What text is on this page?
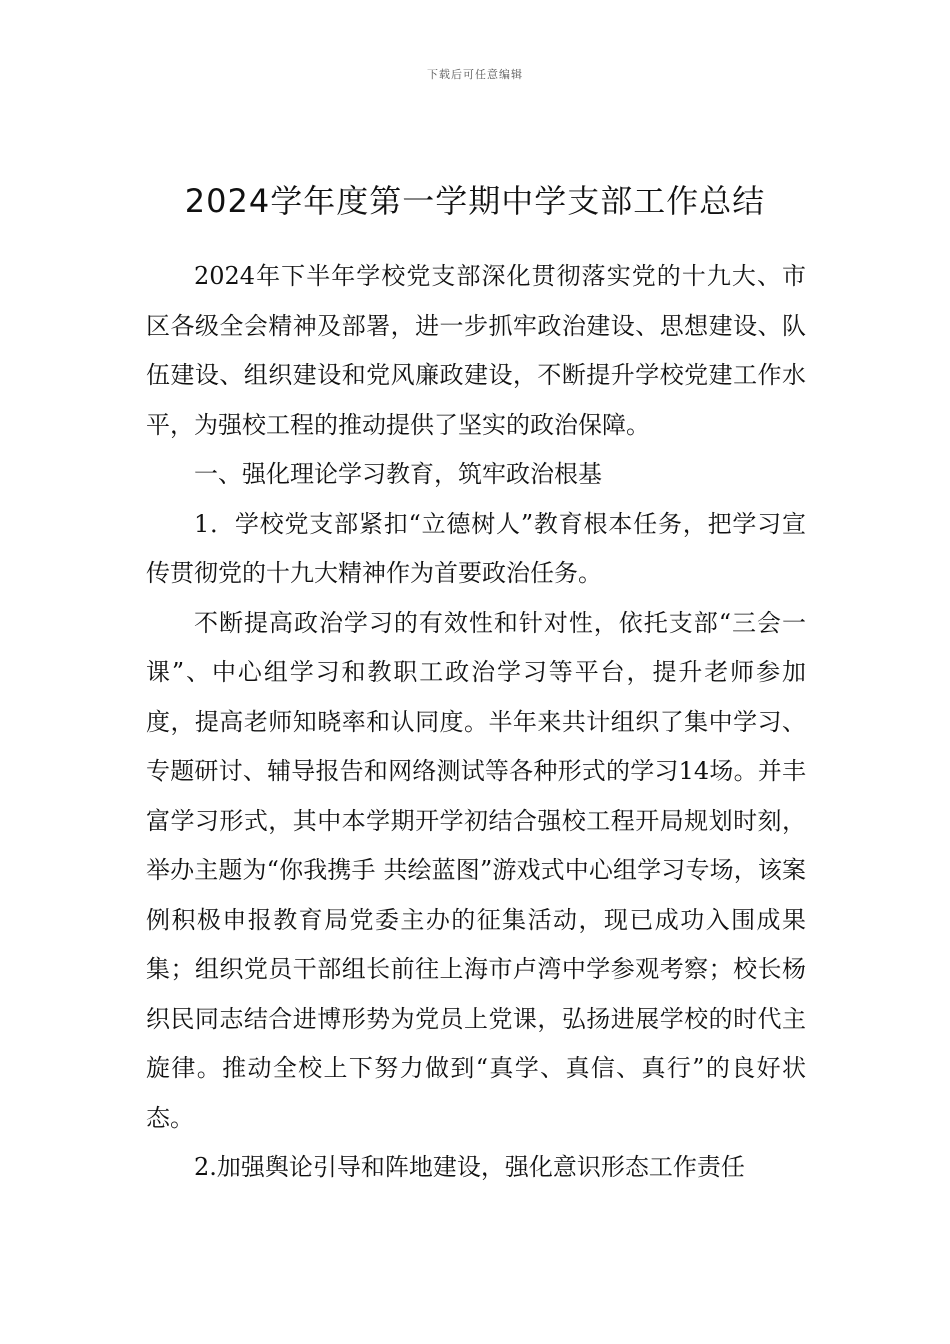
下载后可任意编辑
2024学年度第一学期中学支部工作总结

2024年下半年学校党支部深化贯彻落实党的十九大、市区各级全会精神及部署，进一步抓牢政治建设、思想建设、队伍建设、组织建设和党风廉政建设，不断提升学校党建工作水平，为强校工程的推动提供了坚实的政治保障。

一、强化理论学习教育，筑牢政治根基

1．学校党支部紧扣“立德树人”教育根本任务，把学习宣传贯彻党的十九大精神作为首要政治任务。

不断提高政治学习的有效性和针对性，依托支部“三会一课”、中心组学习和教职工政治学习等平台，提升老师参加度，提高老师知晓率和认同度。半年来共计组织了集中学习、专题研讨、辅导报告和网络测试等各种形式的学习14场。并丰富学习形式，其中本学期开学初结合强校工程开局规划时刻，举办主题为“你我携手 共绘蓝图”游戏式中心组学习专场，该案例积极申报教育局党委主办的征集活动，现已成功入围成果集；组织党员干部组长前往上海市卢湾中学参观考察；校长杨织民同志结合进博形势为党员上党课，弘扬进展学校的时代主旋律。推动全校上下努力做到“真学、真信、真行”的良好状态。

2.加强舆论引导和阵地建设，强化意识形态工作责任
